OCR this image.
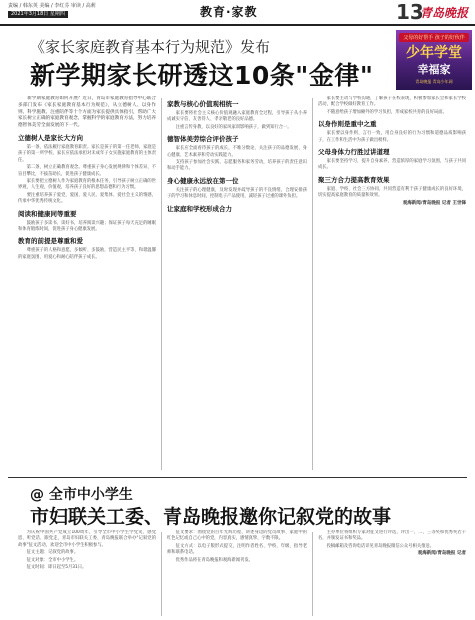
责编 / 韩东英 美编 / 李红芬 审读 / 高莉
2021年3月18日 星期四	教育·家教	13
青岛晚报
父母的好帮手 孩子的好伙伴
少年学堂
幸福家
青岛晚报 青岛少年网
《家长家庭教育基本行为规范》发布
新学期家长研透这10条"金律"

新学期家庭教育如何开展？近日，青岛市家庭教育指导中心联合多部门发布《家长家庭教育基本行为规范》，从立德树人、以身作则、科学施教、注重陪伴等十个方面为家长提供具体指引，帮助广大家长树立正确的家庭教育观念，掌握科学的家庭教育方法，努力培养德智体美劳全面发展的下一代。

立德树人是家长大方向

第一条，依法履行家庭教育职责。家长是孩子的第一任老师，家庭是孩子的第一所学校，家长应依法承担对未成年子女实施家庭教育的主体责任。

第二条，树立正确教育观念。尊重孩子身心发展规律和个体差异，不盲目攀比，不拔苗助长，促进孩子健康成长。

家长要把立德树人作为家庭教育的根本任务，引导孩子树立正确的世界观、人生观、价值观，培养孩子良好的思想品德和行为习惯。

要注重培养孩子爱党、爱国、爱人民、爱集体、爱社会主义的情感，传承中华优秀传统文化。

阅读和健康同等重要

鼓励孩子多读书、读好书，培养阅读兴趣；保证孩子每天充足的睡眠和体育锻炼时间，促进孩子身心健康发展。

教育的前提是尊重和爱

尊重孩子的人格和意愿，多倾听、多鼓励，营造民主平等、和谐温馨的家庭氛围，用爱心和耐心陪伴孩子成长。

家教与核心价值观相统一

家长要将社会主义核心价值观融入家庭教育全过程，引导孩子从小养成诚实守信、友善待人、孝亲敬老的良好品德。

注重言传身教，以良好的家风家训影响孩子，做到知行合一。

德智体美劳综合评价孩子

家长应全面看待孩子的成长，不唯分数论，关注孩子的品德发展、身心健康、艺术素养和劳动实践能力。

支持孩子参加社会实践、志愿服务和家务劳动，培养孩子的责任意识和动手能力。

身心健康永远放在第一位

关注孩子的心理健康，及时发现并疏导孩子的不良情绪，合理安排孩子的学习和休息时间，控制电子产品使用，减轻孩子过重的课外负担。

让家庭和学校形成合力

家长要主动与学校沟通，了解孩子在校表现，积极参加家长会和家长学校活动，配合学校做好教育工作。

不随意给孩子增加额外的学习负担，形成家校共育的良好局面。

以身作则是重中之重

家长要以身作则、言行一致，用自身良好的行为习惯和道德品质影响孩子，在工作和生活中为孩子做出榜样。

父母身体力行胜过讲道理

家长要坚持学习，提升自身素养，营造浓厚的家庭学习氛围，与孩子共同成长。

聚三方合力提高教育效果

家庭、学校、社会三方协同，共同营造有利于孩子健康成长的良好环境，切实提高家庭教育的质量和效果。

观海新闻/青岛晚报 记者 王世锋

@ 全市中小学生
市妇联关工委、青岛晚报邀你记叙党的故事

为庆祝中国共产党成立100周年，引导全市中小学生学党史、感党恩、听党话、跟党走，青岛市妇联关工委、青岛晚报联合举办"记叙党的故事"征文活动，欢迎全市中小学生积极参与。

征文主题：记叙党的故事。

征文对象：全市中小学生。

征文时间：即日起至5月31日。

征文要求：围绕党的百年光辉历程，讲述身边的党员故事、家庭中的红色记忆或自己心中的党，内容真实，感情真挚，字数不限。

征文方式：以电子版形式提交，注明作者姓名、学校、年级、指导老师和联系电话。

优秀作品将在青岛晚报和观海新闻刊发。

主办单位将组织专家对征文进行评选，评出一、二、三等奖和优秀奖若干名，并颁发证书和奖品。

投稿邮箱及咨询电话详见青岛晚报微信公众号相关推送。

观海新闻/青岛晚报 记者
